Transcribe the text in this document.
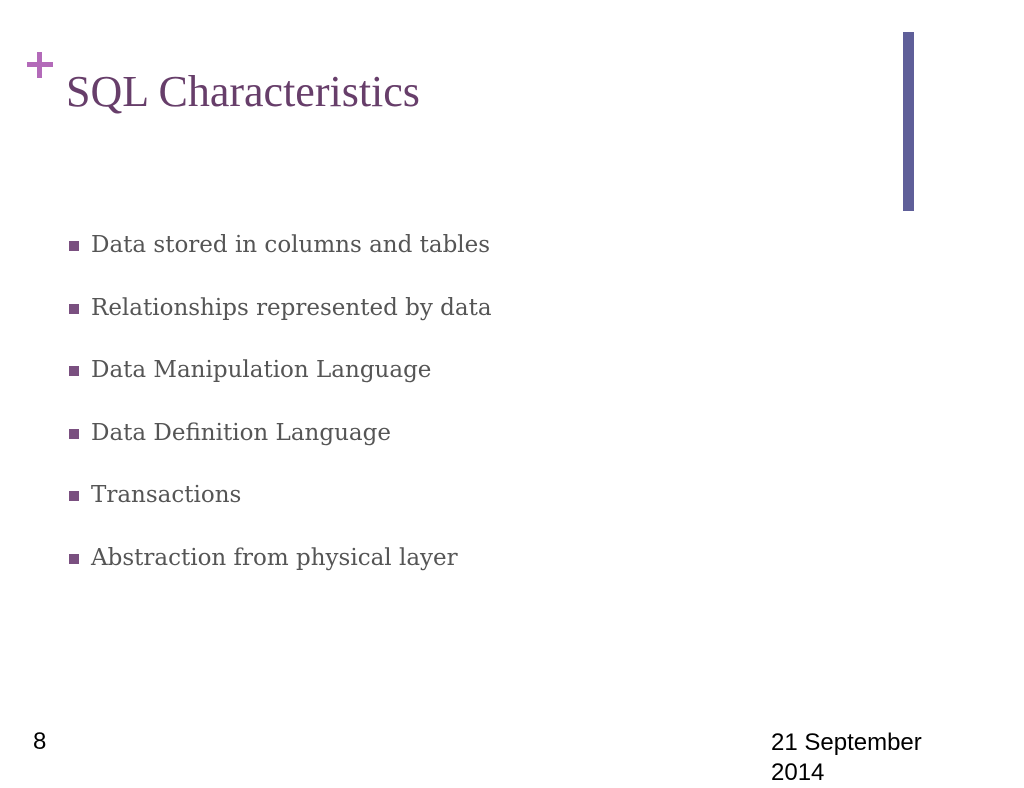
SQL Characteristics
Data stored in columns and tables
Relationships represented by data
Data Manipulation Language
Data Definition Language
Transactions
Abstraction from physical layer
8	21 September 2014
